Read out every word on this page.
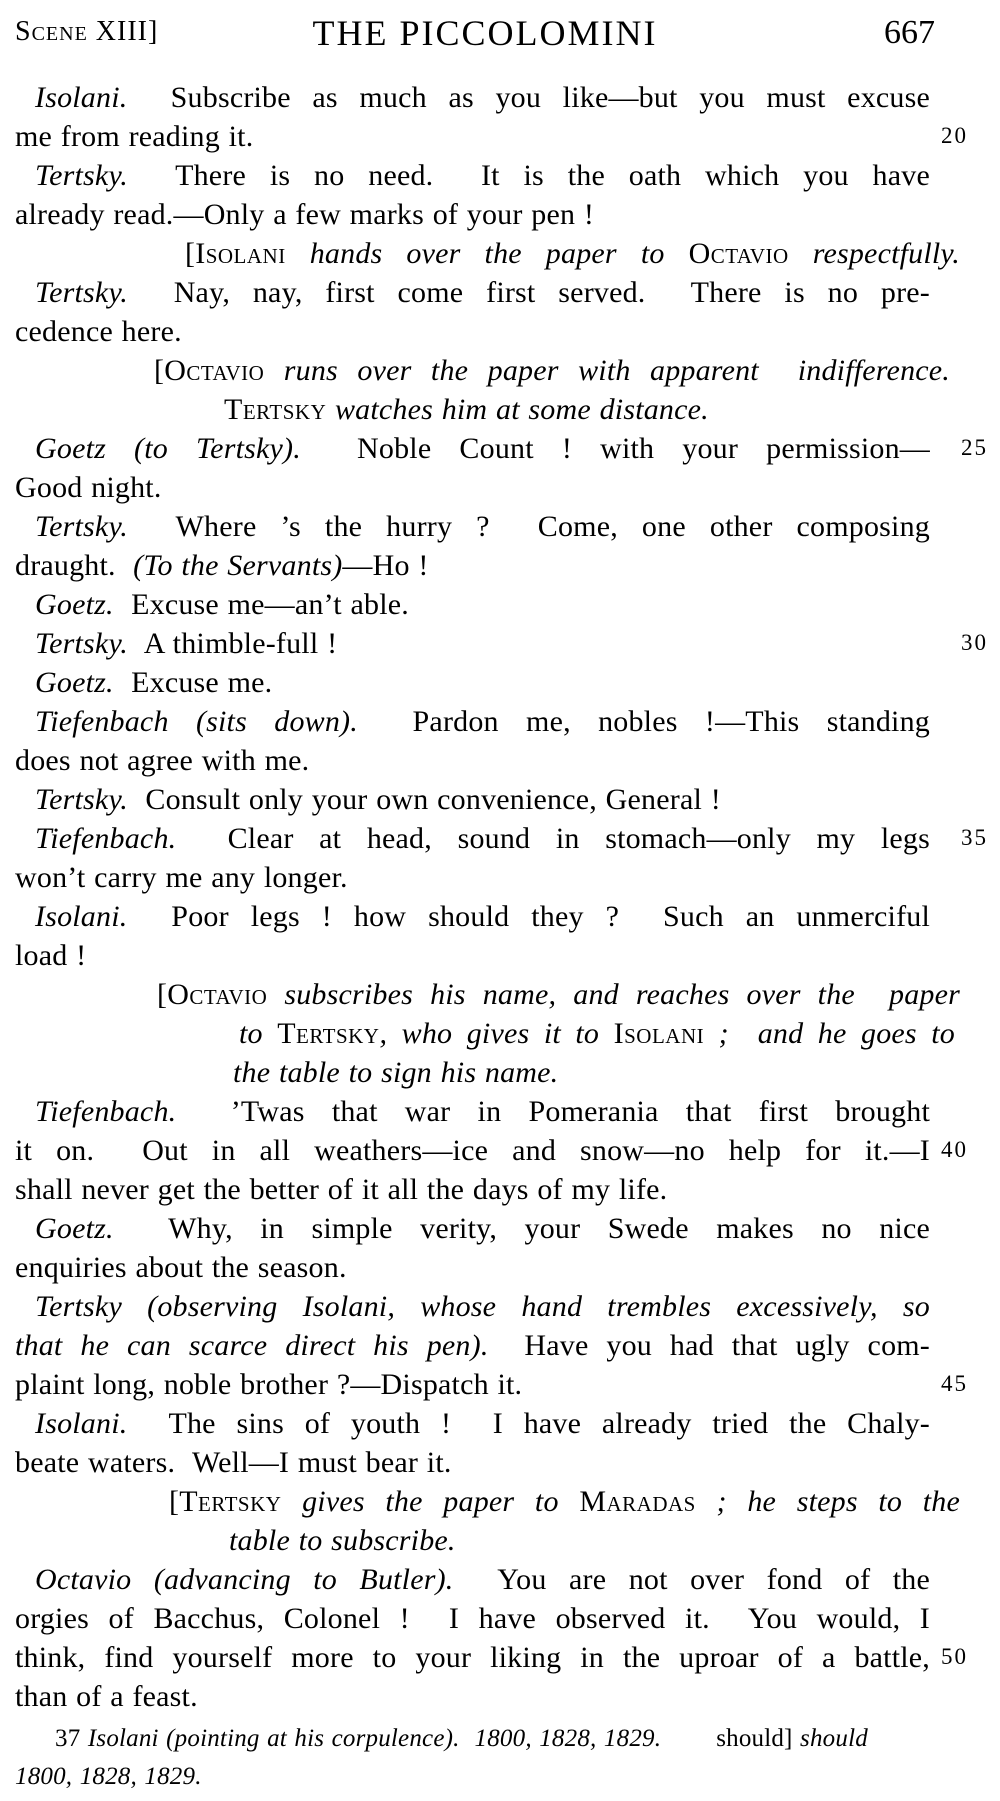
Scene XIII]	THE PICCOLOMINI	667
Isolani.  Subscribe as much as you like—but you must excuse
me from reading it.	20
Tertsky.  There is no need.  It is the oath which you have
already read.—Only a few marks of your pen !
[Isolani hands over the paper to Octavio respectfully.
Tertsky.  Nay, nay, first come first served.  There is no pre-
cedence here.
[Octavio runs over the paper with apparent  indifference.
Tertsky watches him at some distance.
Goetz (to Tertsky).  Noble Count ! with your permission—	25
Good night.
Tertsky.  Where ’s the hurry ?  Come, one other composing
draught.  (To the Servants)—Ho !
Goetz.  Excuse me—an’t able.
Tertsky.  A thimble-full !	30
Goetz.  Excuse me.
Tiefenbach (sits down).  Pardon me, nobles !—This standing
does not agree with me.
Tertsky.  Consult only your own convenience, General !
Tiefenbach.  Clear at head, sound in stomach—only my legs	35
won’t carry me any longer.
Isolani.  Poor legs ! how should they ?  Such an unmerciful
load !
[Octavio subscribes his name, and reaches over the  paper
to Tertsky, who gives it to Isolani ;  and he goes to
the table to sign his name.
Tiefenbach.  ’Twas that war in Pomerania that first brought
it on.  Out in all weathers—ice and snow—no help for it.—I 40
shall never get the better of it all the days of my life.
Goetz.  Why, in simple verity, your Swede makes no nice
enquiries about the season.
Tertsky (observing Isolani, whose hand trembles excessively, so
that he can scarce direct his pen).  Have you had that ugly com-
plaint long, noble brother ?—Dispatch it.	45
Isolani.  The sins of youth !  I have already tried the Chaly-
beate waters.  Well—I must bear it.
[Tertsky gives the paper to Maradas ; he steps to the
table to subscribe.
Octavio (advancing to Butler).  You are not over fond of the
orgies of Bacchus, Colonel !  I have observed it.  You would, I
think, find yourself more to your liking in the uproar of a battle, 50
than of a feast.
37 Isolani (pointing at his corpulence).  1800, 1828, 1829. should] should
1800, 1828, 1829.
